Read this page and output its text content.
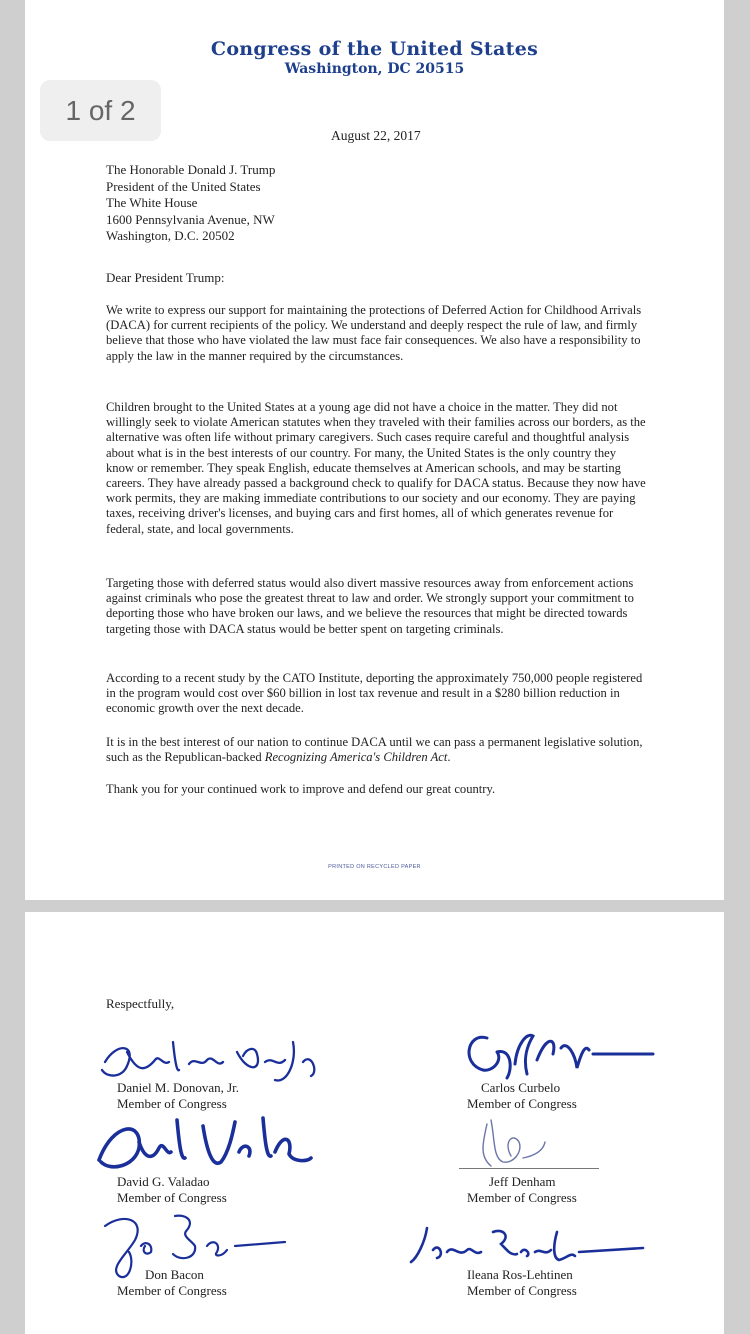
Congress of the United States
Washington, DC 20515
August 22, 2017
The Honorable Donald J. Trump
President of the United States
The White House
1600 Pennsylvania Avenue, NW
Washington, D.C. 20502
Dear President Trump:

We write to express our support for maintaining the protections of Deferred Action for Childhood Arrivals (DACA) for current recipients of the policy. We understand and deeply respect the rule of law, and firmly believe that those who have violated the law must face fair consequences. We also have a responsibility to apply the law in the manner required by the circumstances.

Children brought to the United States at a young age did not have a choice in the matter. They did not willingly seek to violate American statutes when they traveled with their families across our borders, as the alternative was often life without primary caregivers. Such cases require careful and thoughtful analysis about what is in the best interests of our country. For many, the United States is the only country they know or remember. They speak English, educate themselves at American schools, and may be starting careers. They have already passed a background check to qualify for DACA status. Because they now have work permits, they are making immediate contributions to our society and our economy. They are paying taxes, receiving driver's licenses, and buying cars and first homes, all of which generates revenue for federal, state, and local governments.

Targeting those with deferred status would also divert massive resources away from enforcement actions against criminals who pose the greatest threat to law and order. We strongly support your commitment to deporting those who have broken our laws, and we believe the resources that might be directed towards targeting those with DACA status would be better spent on targeting criminals.

According to a recent study by the CATO Institute, deporting the approximately 750,000 people registered in the program would cost over $60 billion in lost tax revenue and result in a $280 billion reduction in economic growth over the next decade.

It is in the best interest of our nation to continue DACA until we can pass a permanent legislative solution, such as the Republican-backed Recognizing America's Children Act.

Thank you for your continued work to improve and defend our great country.

PRINTED ON RECYCLED PAPER
1 of 2
Respectfully,
Daniel M. Donovan, Jr.
Member of Congress
Carlos Curbelo
Member of Congress
David G. Valadao
Member of Congress
Jeff Denham
Member of Congress
Don Bacon
Member of Congress
Ileana Ros-Lehtinen
Member of Congress
